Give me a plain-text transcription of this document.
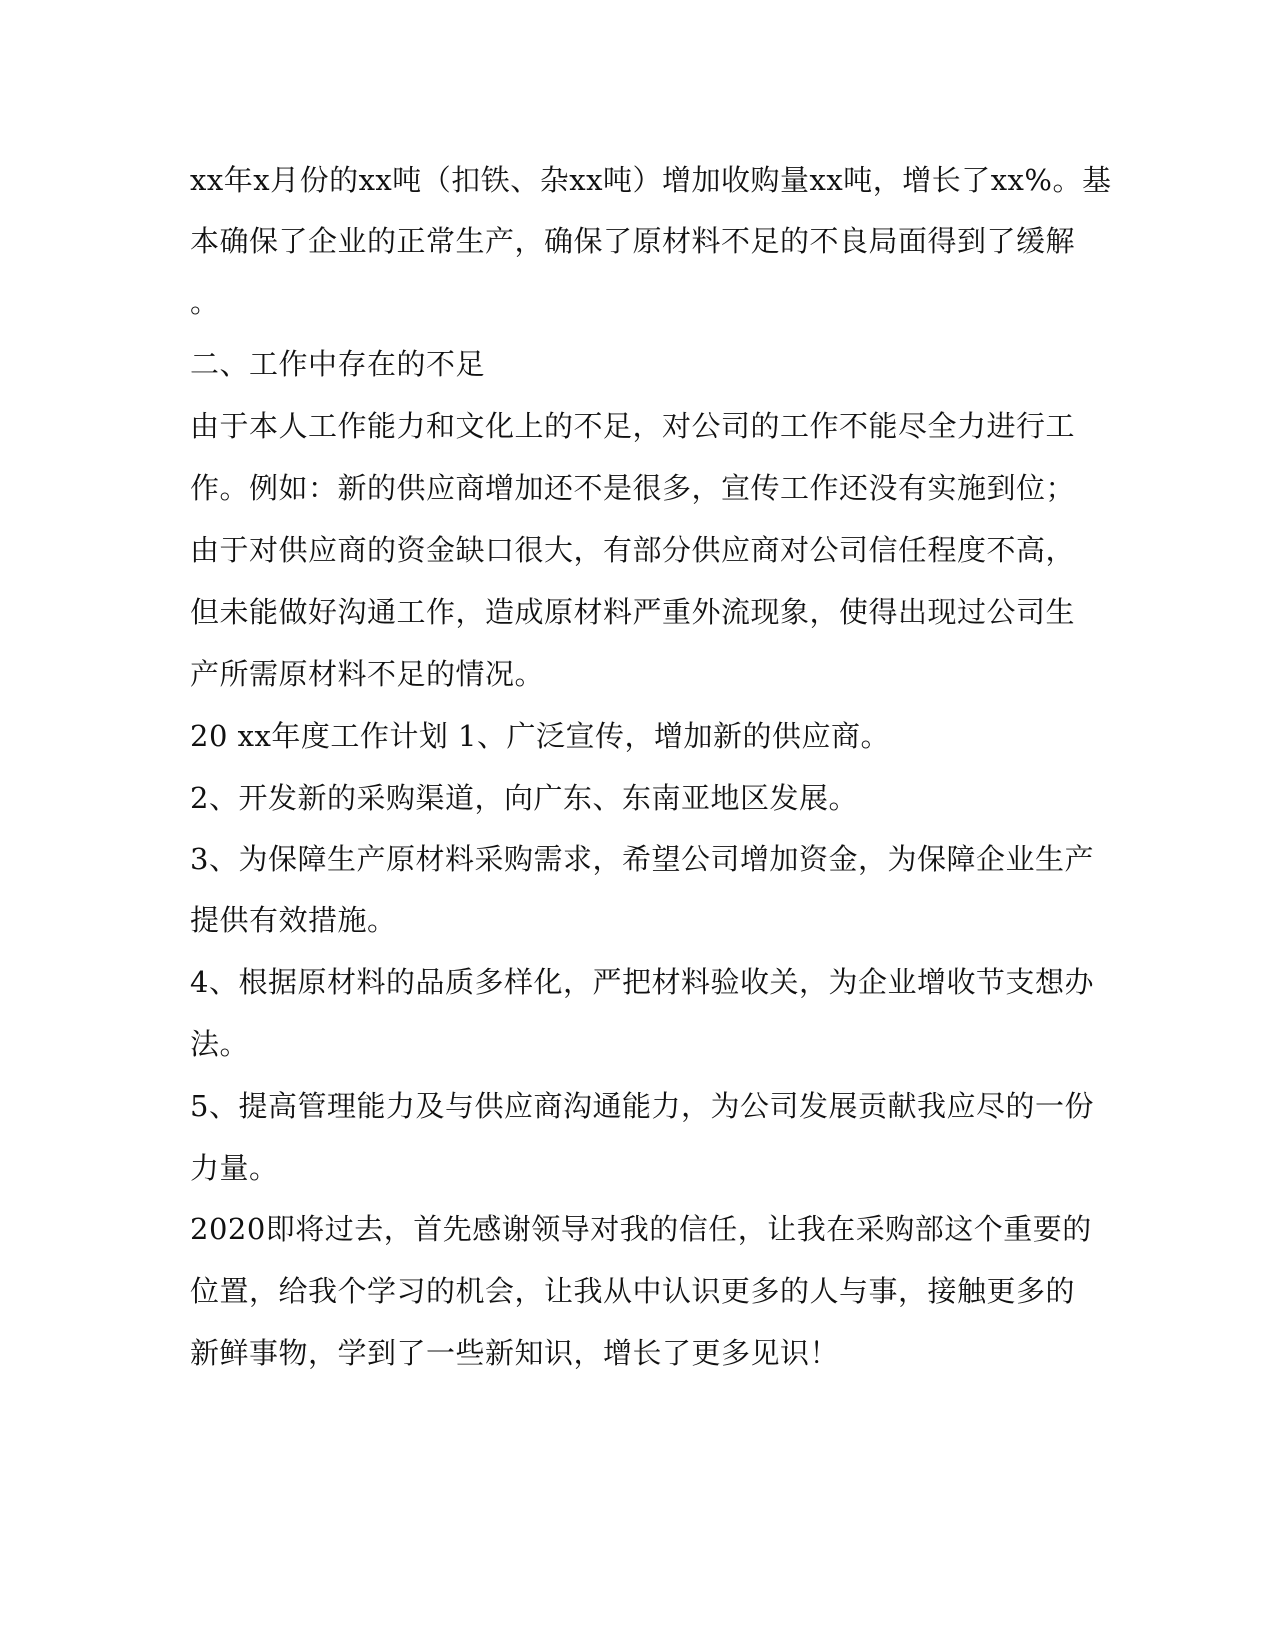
xx年x月份的xx吨（扣铁、杂xx吨）增加收购量xx吨，增长了xx%。基
本确保了企业的正常生产，确保了原材料不足的不良局面得到了缓解
。
二、工作中存在的不足
由于本人工作能力和文化上的不足，对公司的工作不能尽全力进行工
作。例如：新的供应商增加还不是很多，宣传工作还没有实施到位；
由于对供应商的资金缺口很大，有部分供应商对公司信任程度不高，
但未能做好沟通工作，造成原材料严重外流现象，使得出现过公司生
产所需原材料不足的情况。
20 xx年度工作计划 1、广泛宣传，增加新的供应商。
2、开发新的采购渠道，向广东、东南亚地区发展。
3、为保障生产原材料采购需求，希望公司增加资金，为保障企业生产
提供有效措施。
4、根据原材料的品质多样化，严把材料验收关，为企业增收节支想办
法。
5、提高管理能力及与供应商沟通能力，为公司发展贡献我应尽的一份
力量。
2020即将过去，首先感谢领导对我的信任，让我在采购部这个重要的
位置，给我个学习的机会，让我从中认识更多的人与事，接触更多的
新鲜事物，学到了一些新知识，增长了更多见识！
